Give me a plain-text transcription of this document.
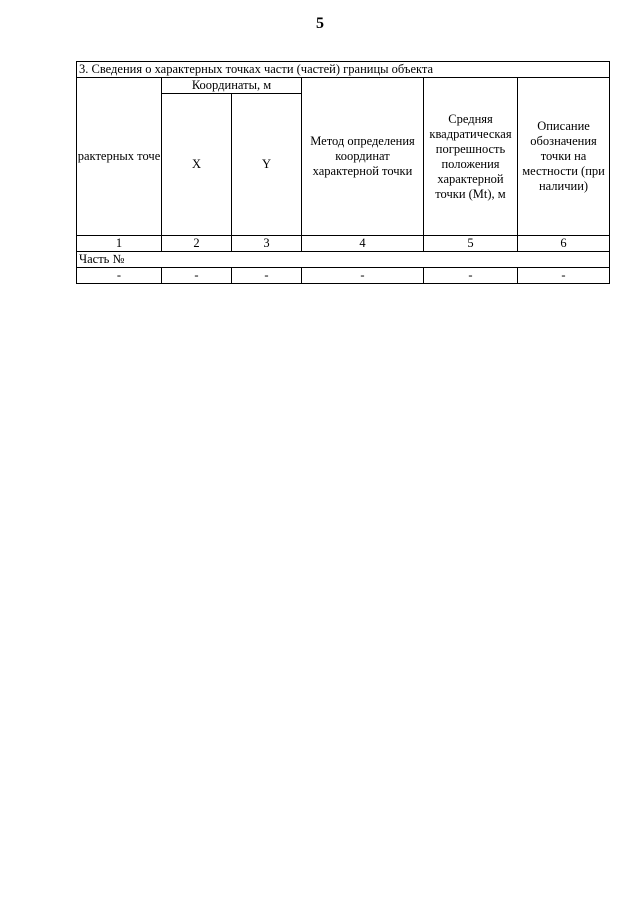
5
3. Сведения о характерных точках части (частей) границы объекта					
рактерных точе	Координаты, м		Метод определения координат характерной точки	Средняя квадратическая погрешность положения характерной точки (Mt), м	Описание обозначения точки на местности (при наличии)
	X	Y			
1	2	3	4	5	6
Часть №					
-	-	-	-	-	-
